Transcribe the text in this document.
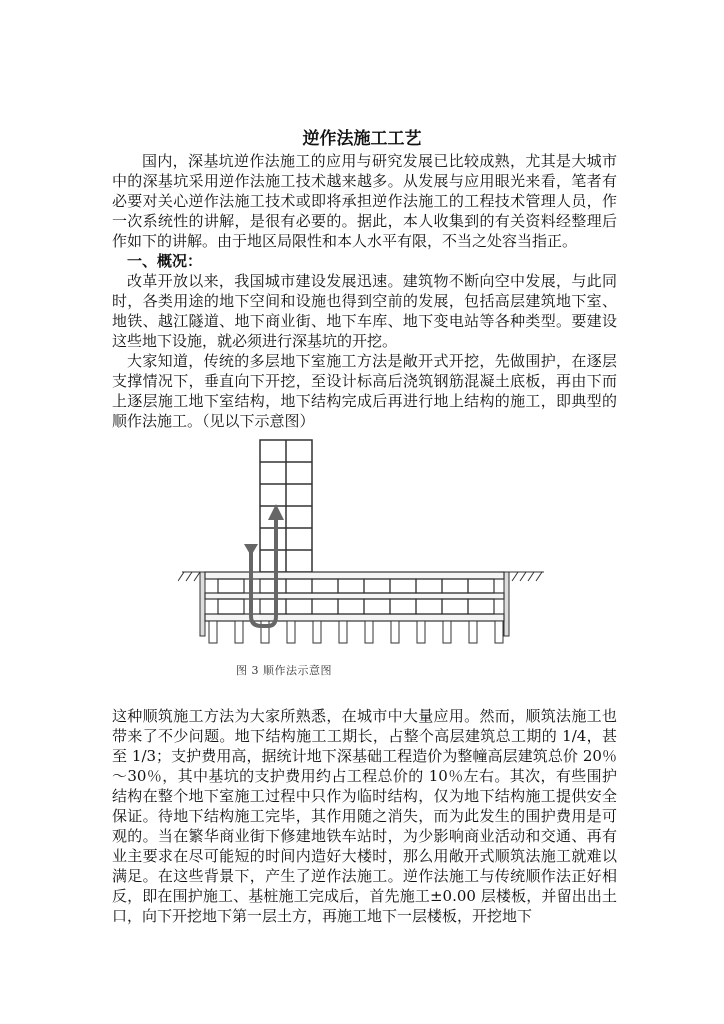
逆作法施工工艺

国内，深基坑逆作法施工的应用与研究发展已比较成熟，尤其是大城市中的深基坑采用逆作法施工技术越来越多。从发展与应用眼光来看，笔者有必要对关心逆作法施工技术或即将承担逆作法施工的工程技术管理人员，作一次系统性的讲解，是很有必要的。据此，本人收集到的有关资料经整理后作如下的讲解。由于地区局限性和本人水平有限，不当之处容当指正。

一、概况：

改革开放以来，我国城市建设发展迅速。建筑物不断向空中发展，与此同时，各类用途的地下空间和设施也得到空前的发展，包括高层建筑地下室、地铁、越江隧道、地下商业街、地下车库、地下变电站等各种类型。要建设这些地下设施，就必须进行深基坑的开挖。

大家知道，传统的多层地下室施工方法是敞开式开挖，先做围护，在逐层支撑情况下，垂直向下开挖，至设计标高后浇筑钢筋混凝土底板，再由下而上逐层施工地下室结构，地下结构完成后再进行地上结构的施工，即典型的顺作法施工。（见以下示意图）

图 3 顺作法示意图

这种顺筑施工方法为大家所熟悉，在城市中大量应用。然而，顺筑法施工也带来了不少问题。地下结构施工工期长，占整个高层建筑总工期的 1/4，甚至 1/3；支护费用高，据统计地下深基础工程造价为整幢高层建筑总价 20％～30％，其中基坑的支护费用约占工程总价的 10％左右。其次，有些围护结构在整个地下室施工过程中只作为临时结构，仅为地下结构施工提供安全保证。待地下结构施工完毕，其作用随之消失，而为此发生的围护费用是可观的。当在繁华商业街下修建地铁车站时，为少影响商业活动和交通、再有业主要求在尽可能短的时间内造好大楼时，那么用敞开式顺筑法施工就难以满足。在这些背景下，产生了逆作法施工。逆作法施工与传统顺作法正好相反，即在围护施工、基桩施工完成后，首先施工±0.00 层楼板，并留出出土口，向下开挖地下第一层土方，再施工地下一层楼板，开挖地下
